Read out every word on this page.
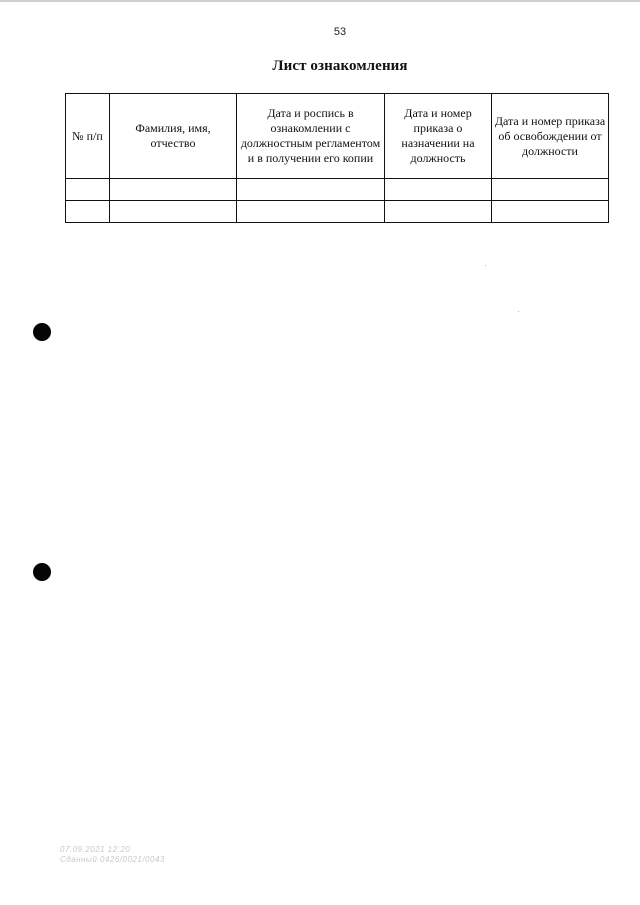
53
Лист ознакомления
№ п/п	Фамилия, имя, отчество	Дата и роспись в ознакомлении с должностным регламентом и в получении его копии	Дата и номер приказа о назначении на должность	Дата и номер приказа об освобождении от должности

07.09.2021 12:20
Сданный 0426/0021/0043
